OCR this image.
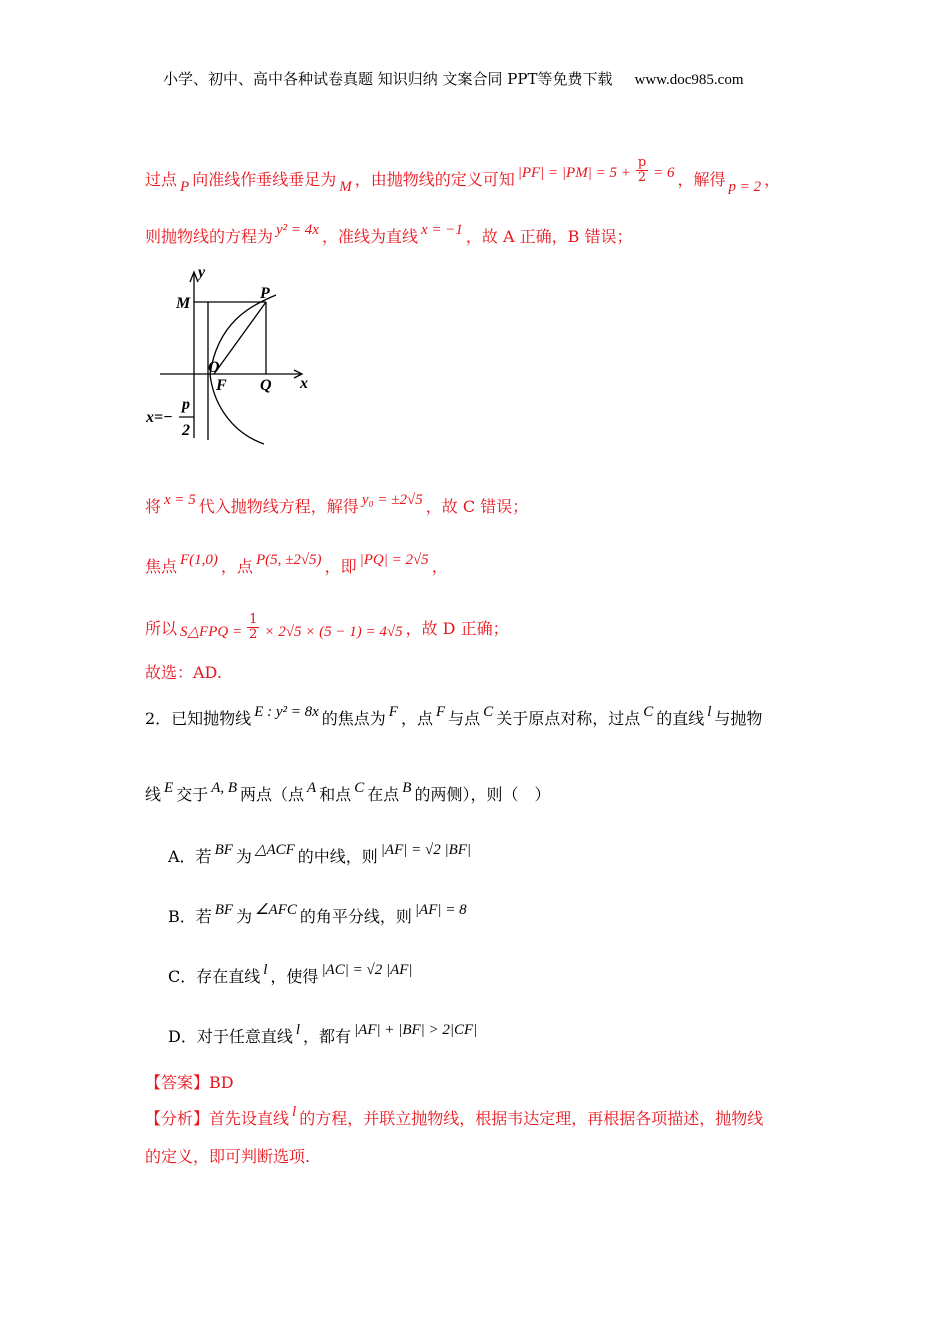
小学、初中、高中各种试卷真题 知识归纳 文案合同 PPT等免费下载 www.doc985.com
过点 P 向准线作垂线垂足为 M ，由抛物线的定义可知 $|PF| = |PM| = 5 + \frac{p}{2} = 6$ ，解得 p = 2 ，
则抛物线的方程为 y² = 4x ，准线为直线 x = −1 ，故 A 正确，B 错误；
y
x
M
P
O
F Q
x=−
p
2
将 x = 5 代入抛物线方程，解得 y₀ = ±2√5 ，故 C 错误；
焦点 F(1,0) ，点 P(5, ±2√5) ，即 |PQ| = 2√5 ，
所以 S△FPQ = $\frac{1}{2} \times 2√5 \times (5 - 1) = 4√5$ ，故 D 正确；
故选：AD.
2．已知抛物线 E : y² = 8x 的焦点为 F ，点 F 与点 C 关于原点对称，过点 C 的直线 l 与抛物
线 E 交于 A, B 两点（点 A 和点 C 在点 B 的两侧），则（　）
A．若 BF 为 △ACF 的中线，则 |AF| = √2 |BF|
B．若 BF 为 ∠AFC 的角平分线，则 |AF| = 8
C．存在直线 l ，使得 |AC| = √2 |AF|
D．对于任意直线 l ，都有 |AF| + |BF| > 2|CF|
【答案】BD
【分析】首先设直线 l 的方程，并联立抛物线，根据韦达定理，再根据各项描述，抛物线
的定义，即可判断选项.
